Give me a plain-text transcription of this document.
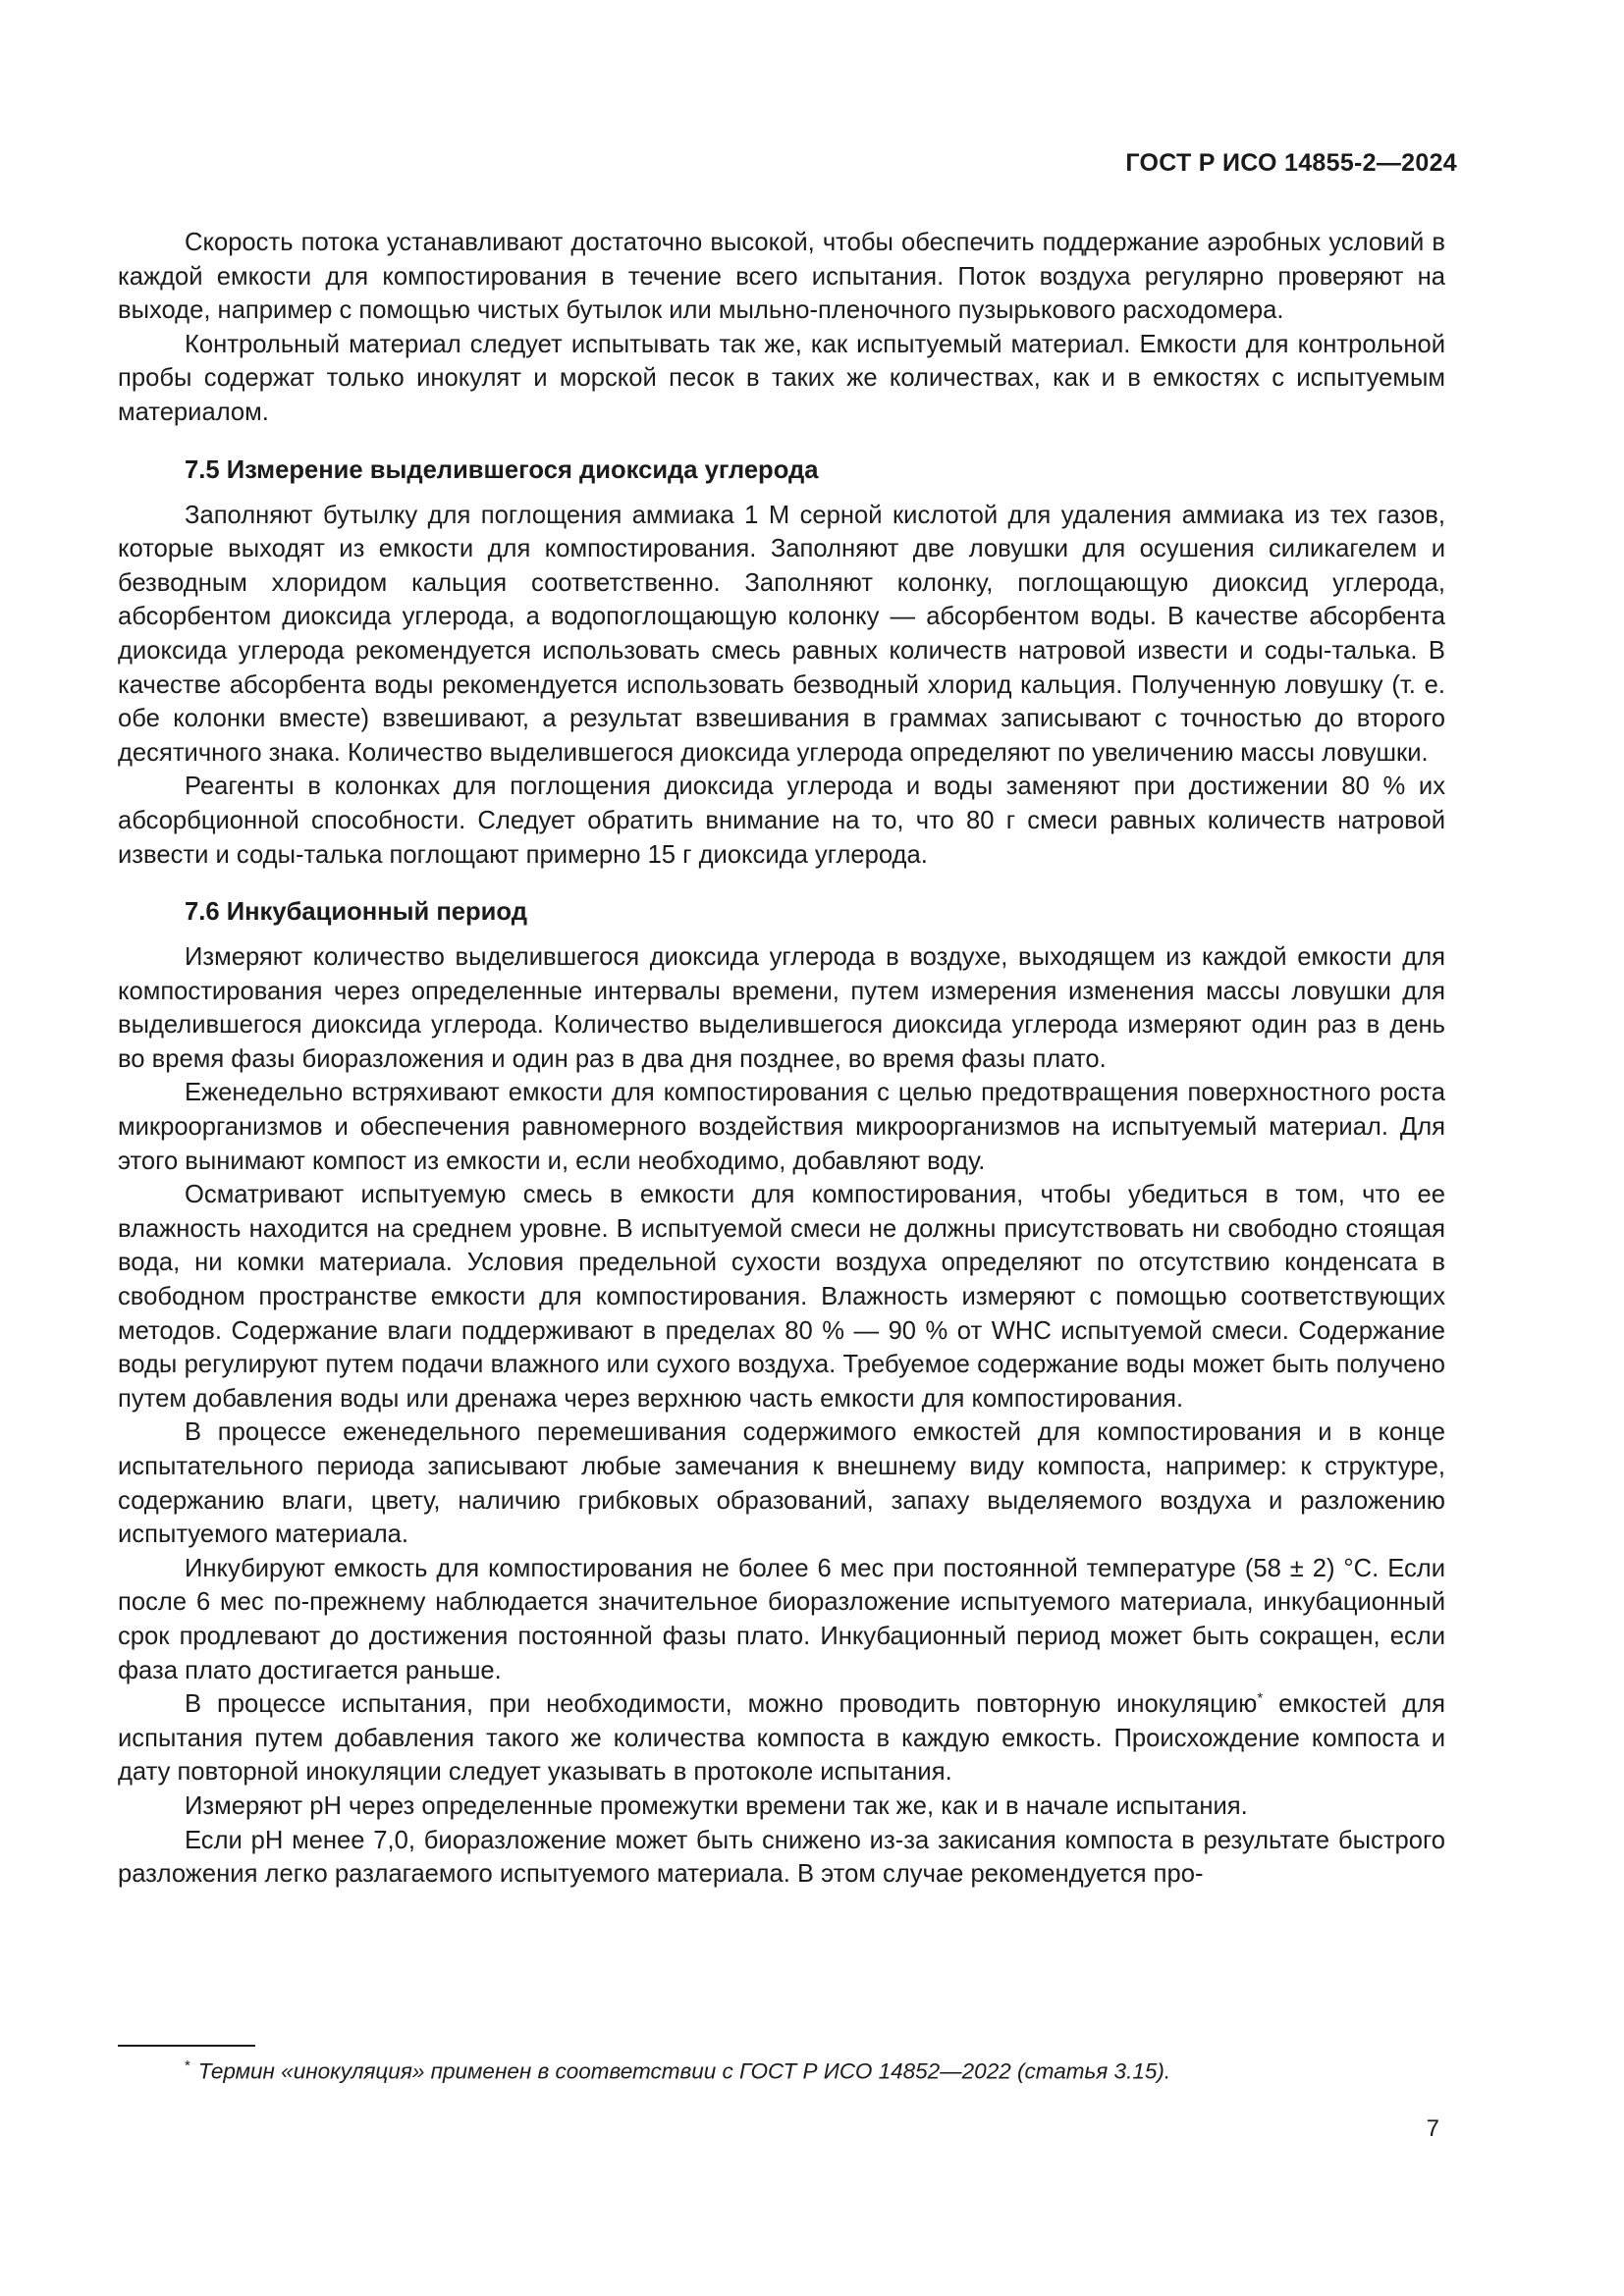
ГОСТ Р ИСО 14855-2—2024

Скорость потока устанавливают достаточно высокой, чтобы обеспечить поддержание аэробных условий в каждой емкости для компостирования в течение всего испытания. Поток воздуха регулярно проверяют на выходе, например с помощью чистых бутылок или мыльно-пленочного пузырькового расходомера.

Контрольный материал следует испытывать так же, как испытуемый материал. Емкости для контрольной пробы содержат только инокулят и морской песок в таких же количествах, как и в емкостях с испытуемым материалом.

7.5 Измерение выделившегося диоксида углерода

Заполняют бутылку для поглощения аммиака 1 М серной кислотой для удаления аммиака из тех газов, которые выходят из емкости для компостирования. Заполняют две ловушки для осушения силикагелем и безводным хлоридом кальция соответственно. Заполняют колонку, поглощающую диоксид углерода, абсорбентом диоксида углерода, а водопоглощающую колонку — абсорбентом воды. В качестве абсорбента диоксида углерода рекомендуется использовать смесь равных количеств натровой извести и соды-талька. В качестве абсорбента воды рекомендуется использовать безводный хлорид кальция. Полученную ловушку (т. е. обе колонки вместе) взвешивают, а результат взвешивания в граммах записывают с точностью до второго десятичного знака. Количество выделившегося диоксида углерода определяют по увеличению массы ловушки.

Реагенты в колонках для поглощения диоксида углерода и воды заменяют при достижении 80 % их абсорбционной способности. Следует обратить внимание на то, что 80 г смеси равных количеств натровой извести и соды-талька поглощают примерно 15 г диоксида углерода.

7.6 Инкубационный период

Измеряют количество выделившегося диоксида углерода в воздухе, выходящем из каждой емкости для компостирования через определенные интервалы времени, путем измерения изменения массы ловушки для выделившегося диоксида углерода. Количество выделившегося диоксида углерода измеряют один раз в день во время фазы биоразложения и один раз в два дня позднее, во время фазы плато.

Еженедельно встряхивают емкости для компостирования с целью предотвращения поверхностного роста микроорганизмов и обеспечения равномерного воздействия микроорганизмов на испытуемый материал. Для этого вынимают компост из емкости и, если необходимо, добавляют воду.

Осматривают испытуемую смесь в емкости для компостирования, чтобы убедиться в том, что ее влажность находится на среднем уровне. В испытуемой смеси не должны присутствовать ни свободно стоящая вода, ни комки материала. Условия предельной сухости воздуха определяют по отсутствию конденсата в свободном пространстве емкости для компостирования. Влажность измеряют с помощью соответствующих методов. Содержание влаги поддерживают в пределах 80 % — 90 % от WHC испытуемой смеси. Содержание воды регулируют путем подачи влажного или сухого воздуха. Требуемое содержание воды может быть получено путем добавления воды или дренажа через верхнюю часть емкости для компостирования.

В процессе еженедельного перемешивания содержимого емкостей для компостирования и в конце испытательного периода записывают любые замечания к внешнему виду компоста, например: к структуре, содержанию влаги, цвету, наличию грибковых образований, запаху выделяемого воздуха и разложению испытуемого материала.

Инкубируют емкость для компостирования не более 6 мес при постоянной температуре (58 ± 2) °С. Если после 6 мес по-прежнему наблюдается значительное биоразложение испытуемого материала, инкубационный срок продлевают до достижения постоянной фазы плато. Инкубационный период может быть сокращен, если фаза плато достигается раньше.

В процессе испытания, при необходимости, можно проводить повторную инокуляцию* емкостей для испытания путем добавления такого же количества компоста в каждую емкость. Происхождение компоста и дату повторной инокуляции следует указывать в протоколе испытания.

Измеряют pH через определенные промежутки времени так же, как и в начале испытания.

Если pH менее 7,0, биоразложение может быть снижено из-за закисания компоста в результате быстрого разложения легко разлагаемого испытуемого материала. В этом случае рекомендуется про-

* Термин «инокуляция» применен в соответствии с ГОСТ Р ИСО 14852—2022 (статья 3.15).
7
